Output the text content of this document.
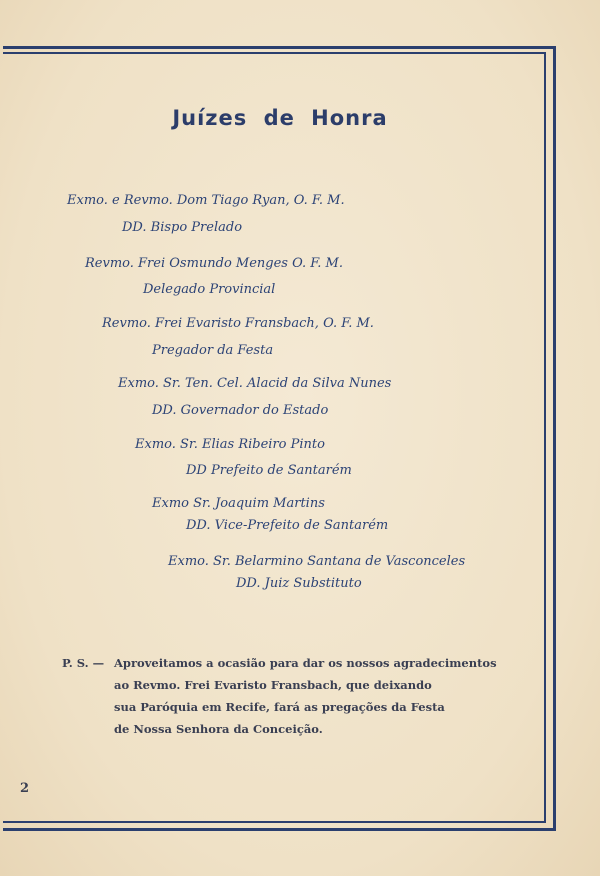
Juízes de Honra
Exmo. e Revmo. Dom Tiago Ryan, O. F. M.
DD. Bispo Prelado
Revmo. Frei Osmundo Menges O. F. M.
Delegado Provincial
Revmo. Frei Evaristo Fransbach, O. F. M.
Pregador da Festa
Exmo. Sr. Ten. Cel. Alacid da Silva Nunes
DD. Governador do Estado
Exmo. Sr. Elias Ribeiro Pinto
DD Prefeito de Santarém
Exmo Sr. Joaquim Martins
DD. Vice-Prefeito de Santarém
Exmo. Sr. Belarmino Santana de Vasconceles
DD. Juiz Substituto
P. S. — Aproveitamos a ocasião para dar os nossos agradecimentos
ao Revmo. Frei Evaristo Fransbach, que deixando
sua Paróquia em Recife, fará as pregações da Festa
de Nossa Senhora da Conceição.
2
